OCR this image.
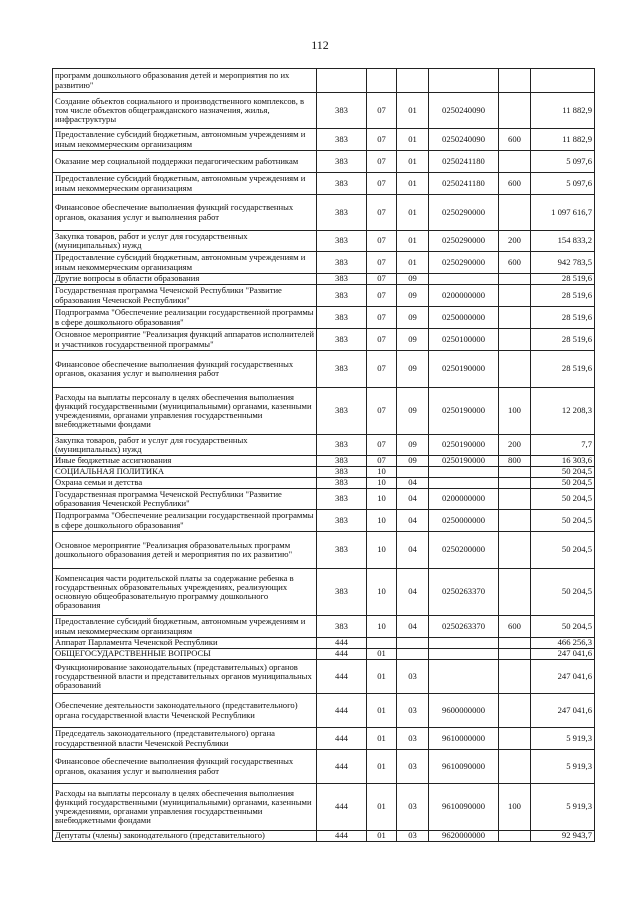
112
программ дошкольного образования детей и мероприятия по их развитию"						
Создание объектов социального и производственного комплексов, в том числе объектов общегражданского назначения, жилья, инфраструктуры	383	07	01	0250240090		11 882,9
Предоставление субсидий бюджетным, автономным учреждениям и иным некоммерческим организациям	383	07	01	0250240090	600	11 882,9
Оказание мер социальной поддержки педагогическим работникам	383	07	01	0250241180		5 097,6
Предоставление субсидий бюджетным, автономным учреждениям и иным некоммерческим организациям	383	07	01	0250241180	600	5 097,6
Финансовое обеспечение выполнения функций государственных органов, оказания услуг и выполнения работ	383	07	01	0250290000		1 097 616,7
Закупка товаров, работ и услуг для государственных (муниципальных) нужд	383	07	01	0250290000	200	154 833,2
Предоставление субсидий бюджетным, автономным учреждениям и иным некоммерческим организациям	383	07	01	0250290000	600	942 783,5
Другие вопросы в области образования	383	07	09			28 519,6
Государственная программа Чеченской Республики "Развитие образования Чеченской Республики"	383	07	09	0200000000		28 519,6
Подпрограмма "Обеспечение реализации государственной программы в сфере дошкольного образования"	383	07	09	0250000000		28 519,6
Основное мероприятие "Реализация функций аппаратов исполнителей и участников государственной программы"	383	07	09	0250100000		28 519,6
Финансовое обеспечение выполнения функций государственных органов, оказания услуг и выполнения работ	383	07	09	0250190000		28 519,6
Расходы на выплаты персоналу в целях обеспечения выполнения функций государственными (муниципальными) органами, казенными учреждениями, органами управления государственными внебюджетными фондами	383	07	09	0250190000	100	12 208,3
Закупка товаров, работ и услуг для государственных (муниципальных) нужд	383	07	09	0250190000	200	7,7
Иные бюджетные ассигнования	383	07	09	0250190000	800	16 303,6
СОЦИАЛЬНАЯ ПОЛИТИКА	383	10				50 204,5
Охрана семьи и детства	383	10	04			50 204,5
Государственная программа Чеченской Республики "Развитие образования Чеченской Республики"	383	10	04	0200000000		50 204,5
Подпрограмма "Обеспечение реализации государственной программы в сфере дошкольного образования"	383	10	04	0250000000		50 204,5
Основное мероприятие "Реализация образовательных программ дошкольного образования детей и мероприятия по их развитию"	383	10	04	0250200000		50 204,5
Компенсация части родительской платы за содержание ребенка в государственных образовательных учреждениях, реализующих основную общеобразовательную программу дошкольного образования	383	10	04	0250263370		50 204,5
Предоставление субсидий бюджетным, автономным учреждениям и иным некоммерческим организациям	383	10	04	0250263370	600	50 204,5
Аппарат Парламента Чеченской Республики	444					466 256,3
ОБЩЕГОСУДАРСТВЕННЫЕ ВОПРОСЫ	444	01				247 041,6
Функционирование законодательных (представительных) органов государственной власти и представительных органов муниципальных образований	444	01	03			247 041,6
Обеспечение деятельности законодательного (представительного) органа государственной власти Чеченской Республики	444	01	03	9600000000		247 041,6
Председатель законодательного (представительного) органа государственной власти Чеченской Республики	444	01	03	9610000000		5 919,3
Финансовое обеспечение выполнения функций государственных органов, оказания услуг и выполнения работ	444	01	03	9610090000		5 919,3
Расходы на выплаты персоналу в целях обеспечения выполнения функций государственными (муниципальными) органами, казенными учреждениями, органами управления государственными внебюджетными фондами	444	01	03	9610090000	100	5 919,3
Депутаты (члены) законодательного (представительного)	444	01	03	9620000000		92 943,7
